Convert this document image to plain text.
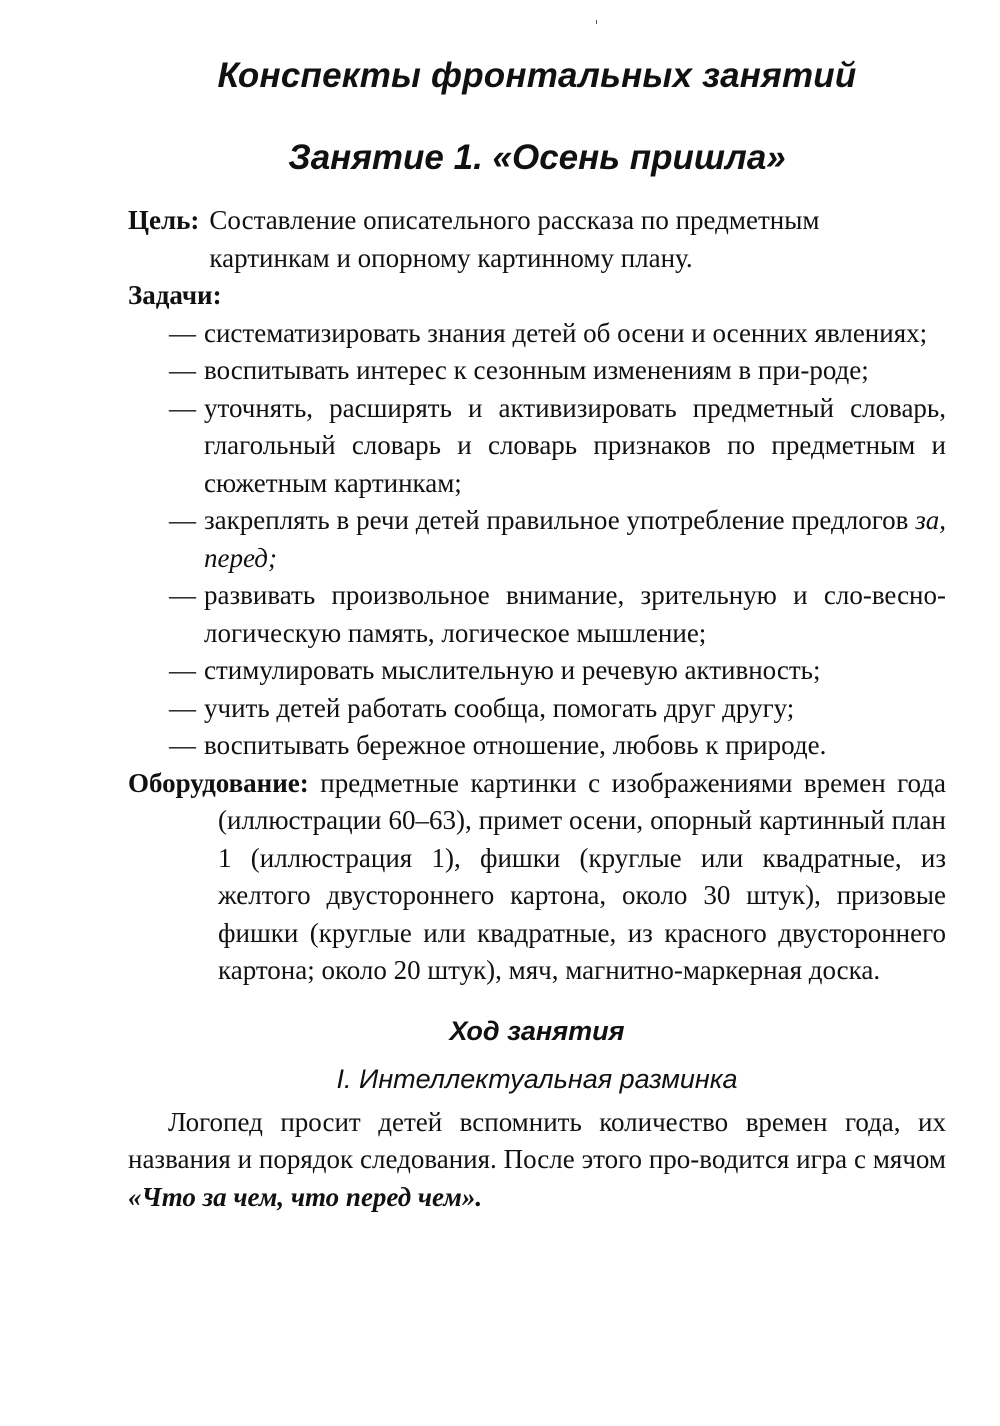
Конспекты фронтальных занятий
Занятие 1. «Осень пришла»
Цель: Составление описательного рассказа по предметным
картинкам и опорному картинному плану.
Задачи:
— систематизировать знания детей об осени и осенних явлениях;
— воспитывать интерес к сезонным изменениям в при-роде;
— уточнять, расширять и активизировать предметный словарь, глагольный словарь и словарь признаков по предметным и сюжетным картинкам;
— закреплять в речи детей правильное употребление предлогов за, перед;
— развивать произвольное внимание, зрительную и сло-весно-логическую память, логическое мышление;
— стимулировать мыслительную и речевую активность;
— учить детей работать сообща, помогать друг другу;
— воспитывать бережное отношение, любовь к природе.
Оборудование: предметные картинки с изображениями времен года (иллюстрации 60–63), примет осени, опорный картинный план 1 (иллюстрация 1), фишки (круглые или квадратные, из желтого двустороннего картона, около 30 штук), призовые фишки (круглые или квадратные, из красного двустороннего картона; около 20 штук), мяч, магнитно-маркерная доска.
Ход занятия
I. Интеллектуальная разминка

Логопед просит детей вспомнить количество времен года, их названия и порядок следования. После этого про-водится игра с мячом «Что за чем, что перед чем».
